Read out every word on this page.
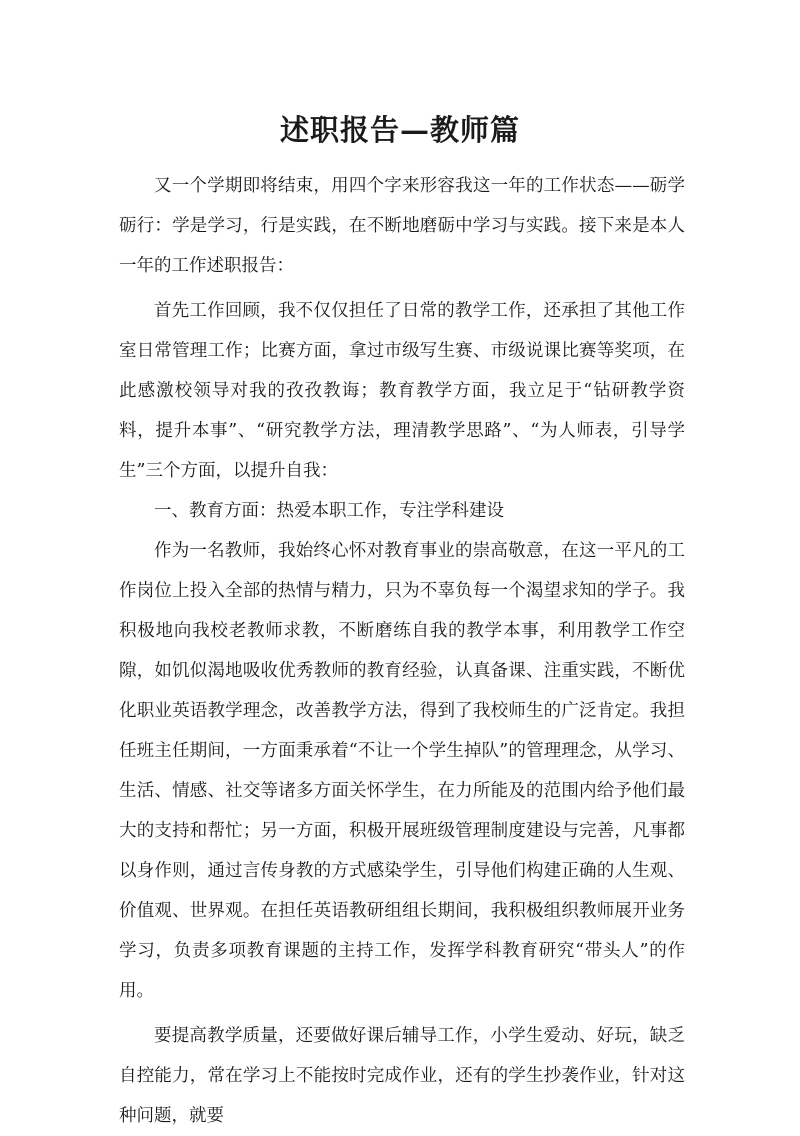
述职报告—教师篇

又一个学期即将结束，用四个字来形容我这一年的工作状态——砺学砺行：学是学习，行是实践，在不断地磨砺中学习与实践。接下来是本人一年的工作述职报告：

首先工作回顾，我不仅仅担任了日常的教学工作，还承担了其他工作室日常管理工作；比赛方面，拿过市级写生赛、市级说课比赛等奖项，在此感激校领导对我的孜孜教诲；教育教学方面，我立足于“钻研教学资料，提升本事”、“研究教学方法，理清教学思路”、“为人师表，引导学生”三个方面，以提升自我：

一、教育方面：热爱本职工作，专注学科建设

作为一名教师，我始终心怀对教育事业的崇高敬意，在这一平凡的工作岗位上投入全部的热情与精力，只为不辜负每一个渴望求知的学子。我积极地向我校老教师求教，不断磨练自我的教学本事，利用教学工作空隙，如饥似渴地吸收优秀教师的教育经验，认真备课、注重实践，不断优化职业英语教学理念，改善教学方法，得到了我校师生的广泛肯定。我担任班主任期间，一方面秉承着“不让一个学生掉队”的管理理念，从学习、生活、情感、社交等诸多方面关怀学生，在力所能及的范围内给予他们最大的支持和帮忙；另一方面，积极开展班级管理制度建设与完善，凡事都以身作则，通过言传身教的方式感染学生，引导他们构建正确的人生观、价值观、世界观。在担任英语教研组组长期间，我积极组织教师展开业务学习，负责多项教育课题的主持工作，发挥学科教育研究“带头人”的作用。

要提高教学质量，还要做好课后辅导工作，小学生爱动、好玩，缺乏自控能力，常在学习上不能按时完成作业，还有的学生抄袭作业，针对这种问题，就要
